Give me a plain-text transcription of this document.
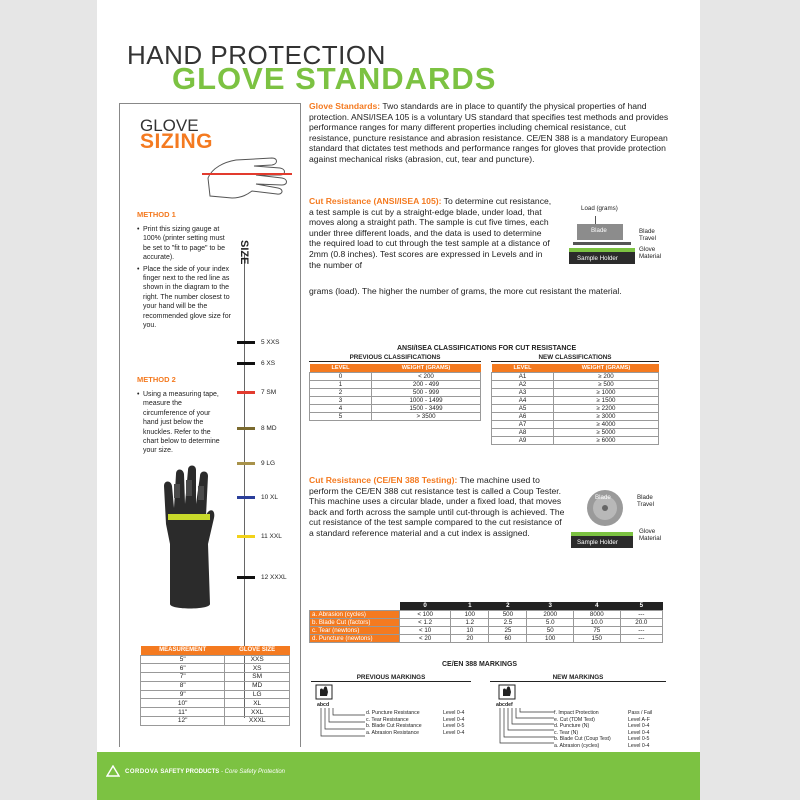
HAND PROTECTION
GLOVE STANDARDS
GLOVE
SIZING
METHOD 1
• Print this sizing gauge at 100% (printer setting must be set to "fit to page" to be accurate).
• Place the side of your index finger next to the red line as shown in the diagram to the right. The number closest to your hand will be the recommended glove size for you.
METHOD 2
• Using a measuring tape, measure the circumference of your hand just below the knuckles. Refer to the chart below to determine your size.
SIZE
5 XXS
6 XS
7 SM
8 MD
9 LG
10 XL
11 XXL
12 XXXL
MEASUREMENT	GLOVE SIZE
5"	XXS
6"	XS
7"	SM
8"	MD
9"	LG
10"	XL
11"	XXL
12"	XXXL
Glove Standards: Two standards are in place to quantify the physical properties of hand protection. ANSI/ISEA 105 is a voluntary US standard that specifies test methods and provides performance ranges for many different properties including chemical resistance, cut resistance, puncture resistance and abrasion resistance. CE/EN 388 is a mandatory European standard that dictates test methods and performance ranges for gloves that provide protection against mechanical risks (abrasion, cut, tear and puncture).
Cut Resistance (ANSI/ISEA 105): To determine cut resistance, a test sample is cut by a straight-edge blade, under load, that moves along a straight path. The sample is cut five times, each under three different loads, and the data is used to determine the required load to cut through the test sample at a distance of 2mm (0.8 inches). Test scores are expressed in Levels and in the number of
grams (load). The higher the number of grams, the more cut resistant the material.
Load (grams)
Blade	Blade
Travel
Glove
Material
Sample Holder
ANSI/ISEA CLASSIFICATIONS FOR CUT RESISTANCE
PREVIOUS CLASSIFICATIONS
LEVEL	WEIGHT (GRAMS)
0	< 200
1	200 - 499
2	500 - 999
3	1000 - 1499
4	1500 - 3499
5	> 3500
NEW CLASSIFICATIONS
LEVEL	WEIGHT (GRAMS)
A1	≥ 200
A2	≥ 500
A3	≥ 1000
A4	≥ 1500
A5	≥ 2200
A6	≥ 3000
A7	≥ 4000
A8	≥ 5000
A9	≥ 6000
Cut Resistance (CE/EN 388 Testing): The machine used to perform the CE/EN 388 cut resistance test is called a Coup Tester. This machine uses a circular blade, under a fixed load, that moves back and forth across the sample until cut-through is achieved. The cut resistance of the test sample compared to the cut resistance of a standard reference material and a cut index is assigned.
Blade	Blade
Travel
Glove
Material
Sample Holder
	0	1	2	3	4	5
a. Abrasion (cycles)	< 100	100	500	2000	8000	---
b. Blade Cut (factors)	< 1.2	1.2	2.5	5.0	10.0	20.0
c. Tear (newtons)	< 10	10	25	50	75	---
d. Puncture (newtons)	< 20	20	60	100	150	---
CE/EN 388 MARKINGS
PREVIOUS MARKINGS
abcd
d. Puncture Resistance
c. Tear Resistance
b. Blade Cut Resistance
a. Abrasion Resistance
Level 0-4
Level 0-4
Level 0-5
Level 0-4
NEW MARKINGS
abcdef
f. Impact Protection
e. Cut (TDM Test)
d. Puncture (N)
c. Tear (N)
b. Blade Cut (Coup Test)
a. Abrasion (cycles)
Pass / Fail
Level A-F
Level 0-4
Level 0-4
Level 0-5
Level 0-4
CORDOVA SAFETY PRODUCTS - Core Safety Protection
